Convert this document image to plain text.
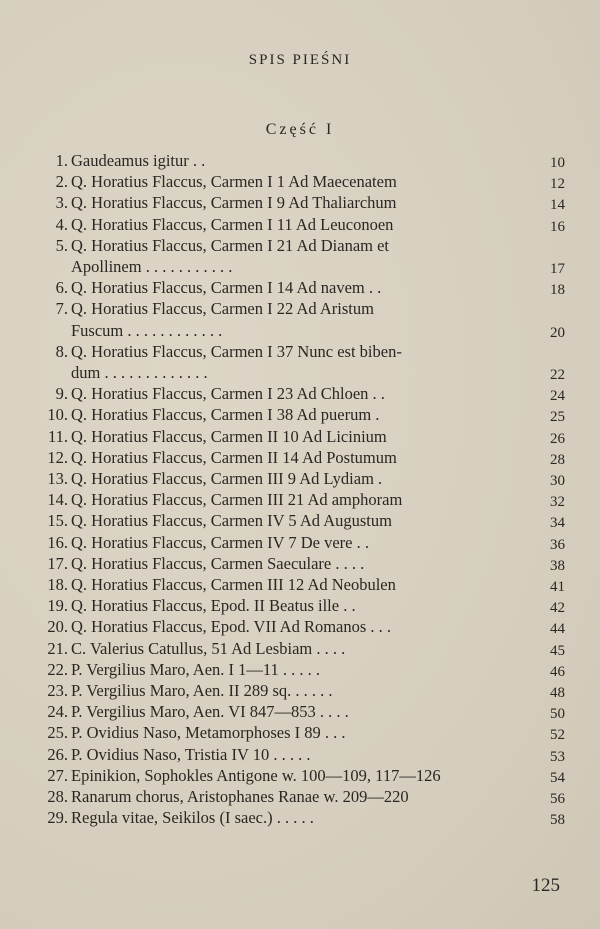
SPIS PIEŚNI
Część I
1. Gaudeamus igitur . .	10
2. Q. Horatius Flaccus, Carmen I 1 Ad Maecenatem	12
3. Q. Horatius Flaccus, Carmen I 9 Ad Thaliarchum	14
4. Q. Horatius Flaccus, Carmen I 11 Ad Leuconoen	16
5. Q. Horatius Flaccus, Carmen I 21 Ad Dianam et
Apollinem . . . . . . . . . . .	17
6. Q. Horatius Flaccus, Carmen I 14 Ad navem . .	18
7. Q. Horatius Flaccus, Carmen I 22 Ad Aristum
Fuscum . . . . . . . . . . . .	20
8. Q. Horatius Flaccus, Carmen I 37 Nunc est biben-
dum . . . . . . . . . . . . .	22
9. Q. Horatius Flaccus, Carmen I 23 Ad Chloen . .	24
10. Q. Horatius Flaccus, Carmen I 38 Ad puerum .	25
11. Q. Horatius Flaccus, Carmen II 10 Ad Licinium	26
12. Q. Horatius Flaccus, Carmen II 14 Ad Postumum	28
13. Q. Horatius Flaccus, Carmen III 9 Ad Lydiam .	30
14. Q. Horatius Flaccus, Carmen III 21 Ad amphoram	32
15. Q. Horatius Flaccus, Carmen IV 5 Ad Augustum	34
16. Q. Horatius Flaccus, Carmen IV 7 De vere . .	36
17. Q. Horatius Flaccus, Carmen Saeculare . . . .	38
18. Q. Horatius Flaccus, Carmen III 12 Ad Neobulen	41
19. Q. Horatius Flaccus, Epod. II Beatus ille . .	42
20. Q. Horatius Flaccus, Epod. VII Ad Romanos . . .	44
21. C. Valerius Catullus, 51 Ad Lesbiam . . . .	45
22. P. Vergilius Maro, Aen. I 1—11 . . . . .	46
23. P. Vergilius Maro, Aen. II 289 sq. . . . . .	48
24. P. Vergilius Maro, Aen. VI 847—853 . . . .	50
25. P. Ovidius Naso, Metamorphoses I 89 . . .	52
26. P. Ovidius Naso, Tristia IV 10 . . . . .	53
27. Epinikion, Sophokles Antigone w. 100—109, 117—126	54
28. Ranarum chorus, Aristophanes Ranae w. 209—220	56
29. Regula vitae, Seikilos (I saec.) . . . . .	58
125
